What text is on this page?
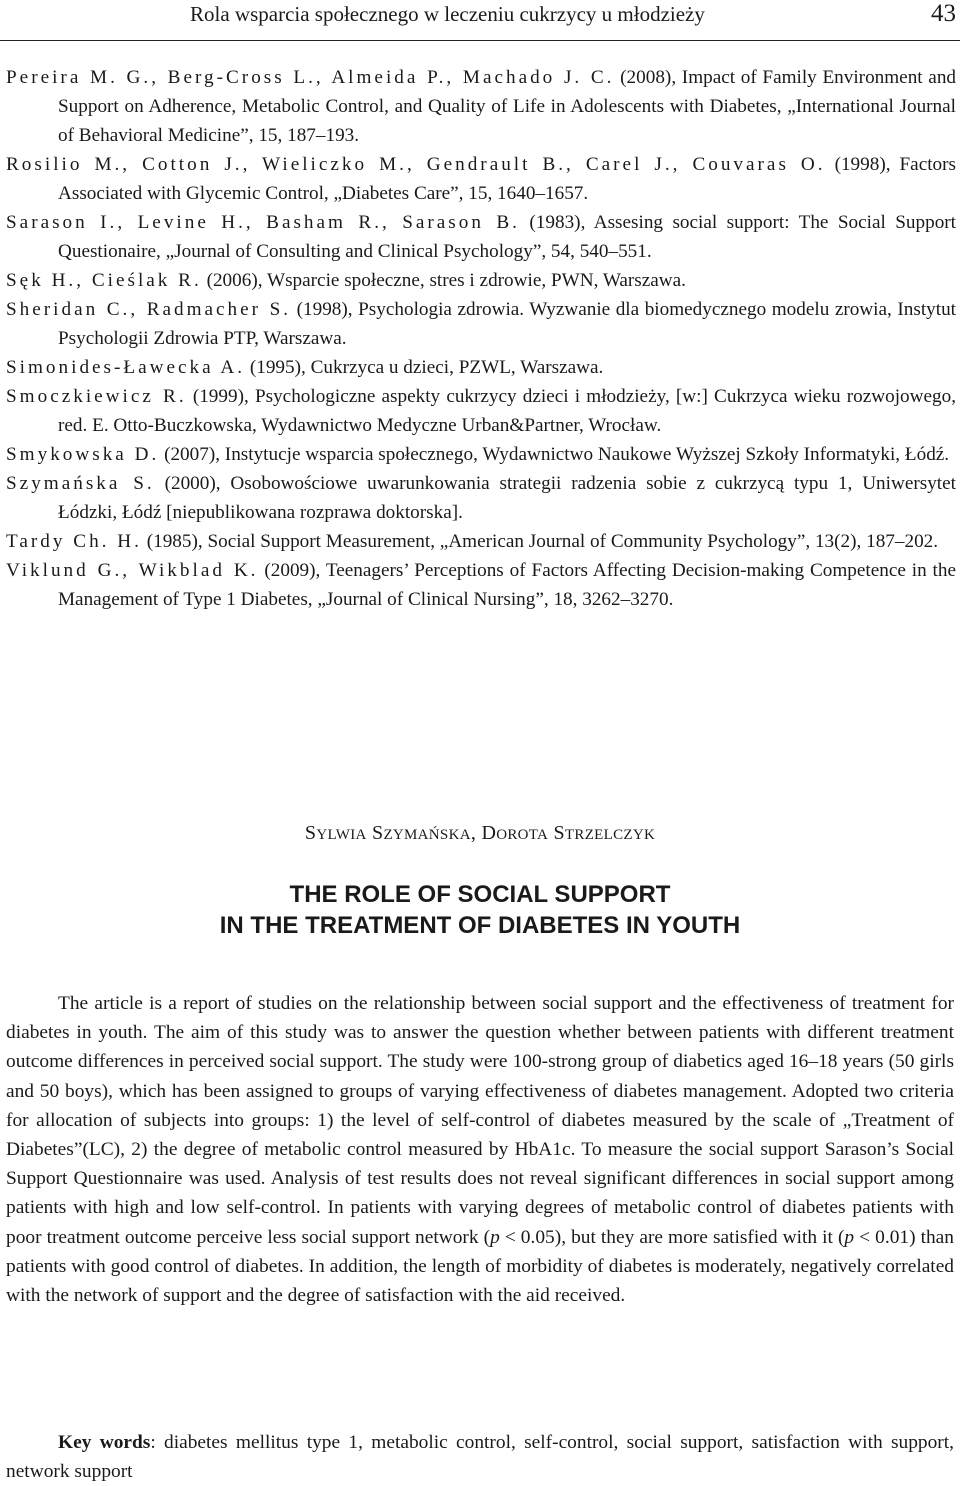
Rola wsparcia społecznego w leczeniu cukrzycy u młodzieży	43

Pereira M. G., Berg-Cross L., Almeida P., Machado J. C. (2008), Impact of Family Environment and Support on Adherence, Metabolic Control, and Quality of Life in Adolescents with Diabetes, „International Journal of Behavioral Medicine”, 15, 187–193.

Rosilio M., Cotton J., Wieliczko M., Gendrault B., Carel J., Couvaras O. (1998), Factors Associated with Glycemic Control, „Diabetes Care”, 15, 1640–1657.

Sarason I., Levine H., Basham R., Sarason B. (1983), Assesing social support: The Social Support Questionaire, „Journal of Consulting and Clinical Psychology”, 54, 540–551.

Sęk H., Cieślak R. (2006), Wsparcie społeczne, stres i zdrowie, PWN, Warszawa.

Sheridan C., Radmacher S. (1998), Psychologia zdrowia. Wyzwanie dla biomedycznego modelu zrowia, Instytut Psychologii Zdrowia PTP, Warszawa.

Simonides-Ławecka A. (1995), Cukrzyca u dzieci, PZWL, Warszawa.

Smoczkiewicz R. (1999), Psychologiczne aspekty cukrzycy dzieci i młodzieży, [w:] Cukrzyca wieku rozwojowego, red. E. Otto-Buczkowska, Wydawnictwo Medyczne Urban&Partner, Wrocław.

Smykowska D. (2007), Instytucje wsparcia społecznego, Wydawnictwo Naukowe Wyższej Szkoły Informatyki, Łódź.

Szymańska S. (2000), Osobowościowe uwarunkowania strategii radzenia sobie z cukrzycą typu 1, Uniwersytet Łódzki, Łódź [niepublikowana rozprawa doktorska].

Tardy Ch. H. (1985), Social Support Measurement, „American Journal of Community Psychology”, 13(2), 187–202.

Viklund G., Wikblad K. (2009), Teenagers’ Perceptions of Factors Affecting Decision-making Competence in the Management of Type 1 Diabetes, „Journal of Clinical Nursing”, 18, 3262–3270.

SYLWIA SZYMAŃSKA, DOROTA STRZELCZYK
THE ROLE OF SOCIAL SUPPORT
IN THE TREATMENT OF DIABETES IN YOUTH

The article is a report of studies on the relationship between social support and the effectiveness of treatment for diabetes in youth. The aim of this study was to answer the question whether between patients with different treatment outcome differences in perceived social support. The study were 100-strong group of diabetics aged 16–18 years (50 girls and 50 boys), which has been assigned to groups of varying effectiveness of diabetes management. Adopted two criteria for allocation of subjects into groups: 1) the level of self-control of diabetes measured by the scale of „Treatment of Diabetes”(LC), 2) the degree of metabolic control measured by HbA1c. To measure the social support Sarason’s Social Support Questionnaire was used. Analysis of test results does not reveal significant differences in social support among patients with high and low self-control. In patients with varying degrees of metabolic control of diabetes patients with poor treatment outcome perceive less social support network (p < 0.05), but they are more satisfied with it (p < 0.01) than patients with good control of diabetes. In addition, the length of morbidity of diabetes is moderately, negatively correlated with the network of support and the degree of satisfaction with the aid received.

Key words: diabetes mellitus type 1, metabolic control, self-control, social support, satisfaction with support, network support
